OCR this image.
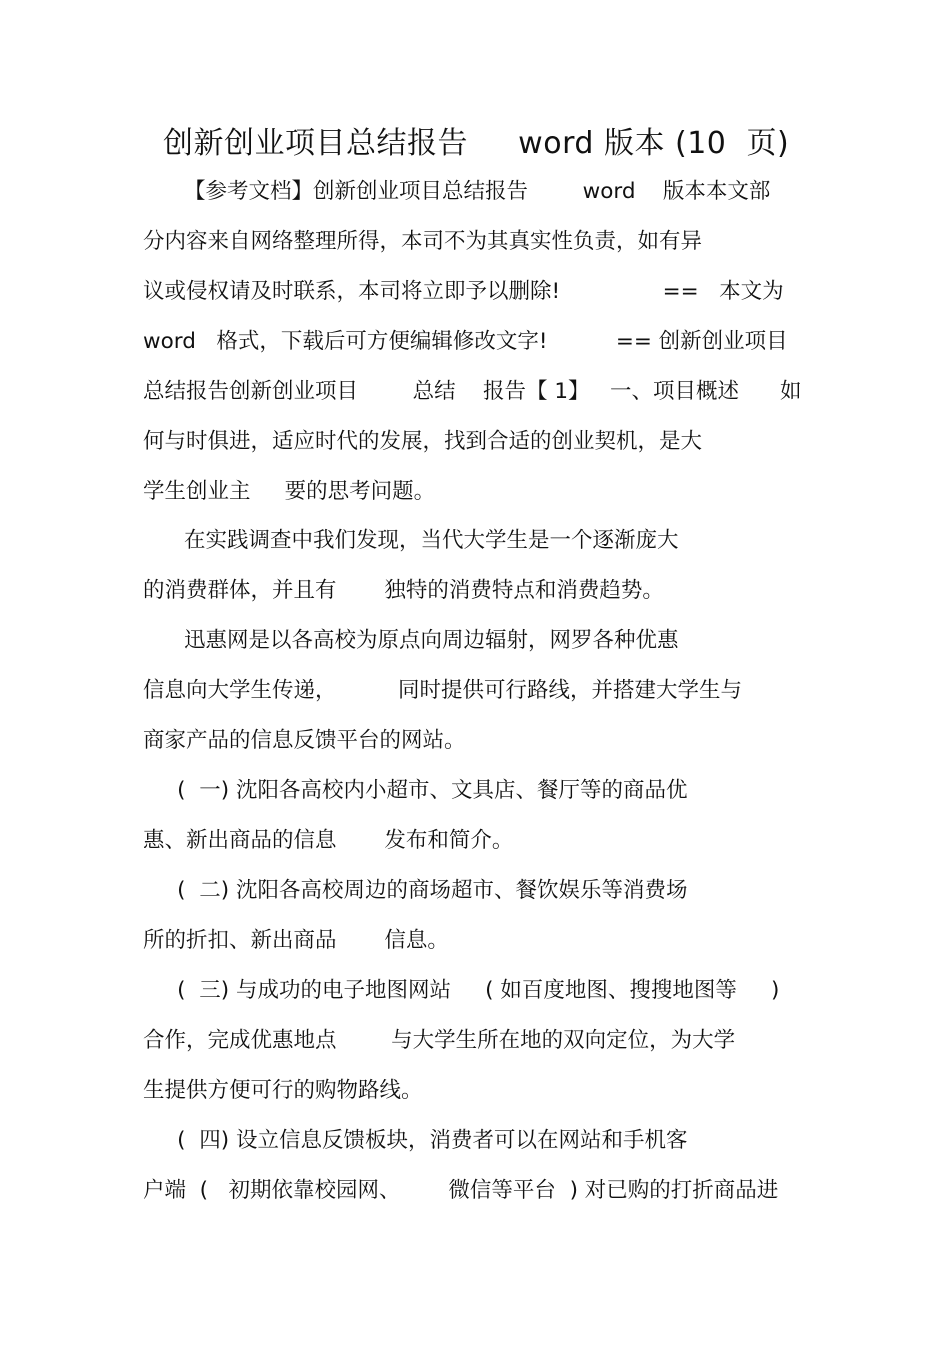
创新创业项目总结报告     word 版本 (10  页)
【参考文档】创新创业项目总结报告        word    版本本文部
分内容来自网络整理所得，本司不为其真实性负责，如有异
议或侵权请及时联系，本司将立即予以删除!               ==   本文为
word   格式，下载后可方便编辑修改文字!          == 创新创业项目
总结报告创新创业项目        总结    报告【 1】   一、项目概述      如
何与时俱进，适应时代的发展，找到合适的创业契机，是大
学生创业主     要的思考问题。
在实践调查中我们发现，当代大学生是一个逐渐庞大
的消费群体，并且有       独特的消费特点和消费趋势。
迅惠网是以各高校为原点向周边辐射，网罗各种优惠
信息向大学生传递，         同时提供可行路线，并搭建大学生与
商家产品的信息反馈平台的网站。
(  一) 沈阳各高校内小超市、文具店、餐厅等的商品优
惠、新出商品的信息       发布和简介。
(  二) 沈阳各高校周边的商场超市、餐饮娱乐等消费场
所的折扣、新出商品       信息。
(  三) 与成功的电子地图网站     ( 如百度地图、搜搜地图等     )
合作，完成优惠地点        与大学生所在地的双向定位，为大学
生提供方便可行的购物路线。
(  四) 设立信息反馈板块，消费者可以在网站和手机客
户端  (   初期依靠校园网、       微信等平台  ) 对已购的打折商品进
